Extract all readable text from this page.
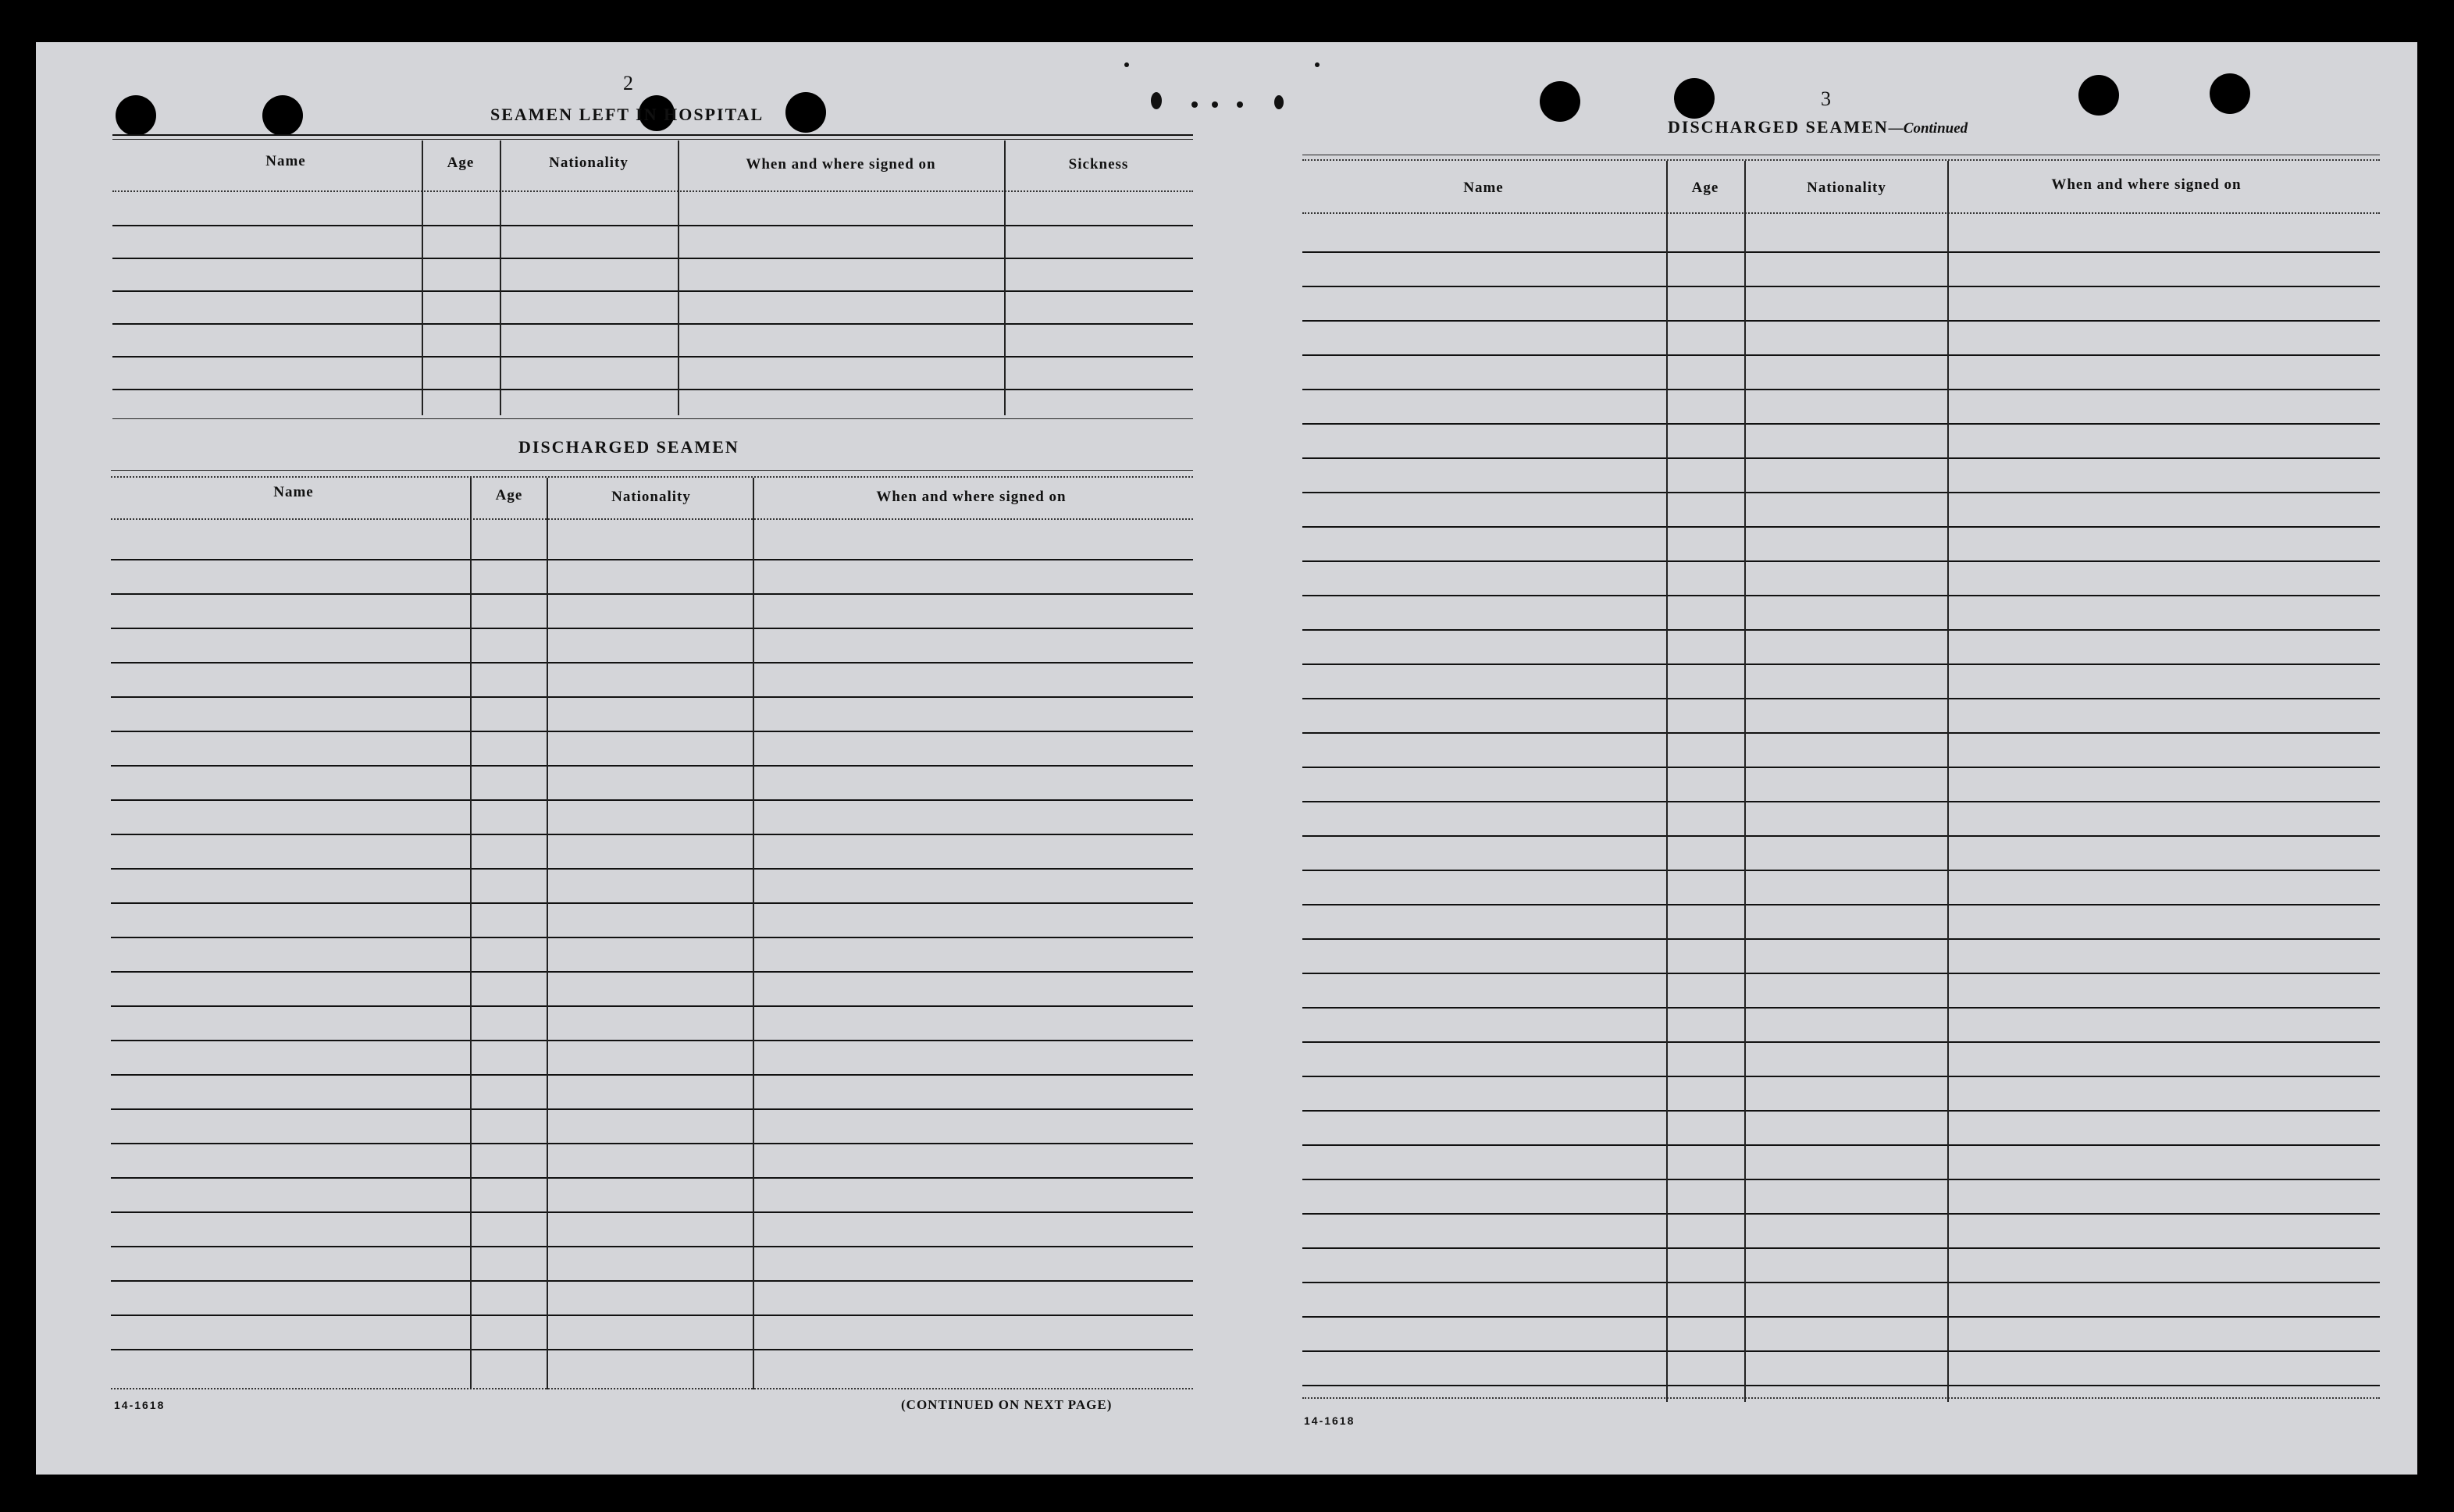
2
SEAMEN LEFT IN HOSPITAL
Name	Age	Nationality	When and where signed on	Sickness
DISCHARGED SEAMEN
Name	Age	Nationality	When and where signed on
14-1618	(CONTINUED ON NEXT PAGE)
3
DISCHARGED SEAMEN—Continued
Name	Age	Nationality	When and where signed on
14-1618
